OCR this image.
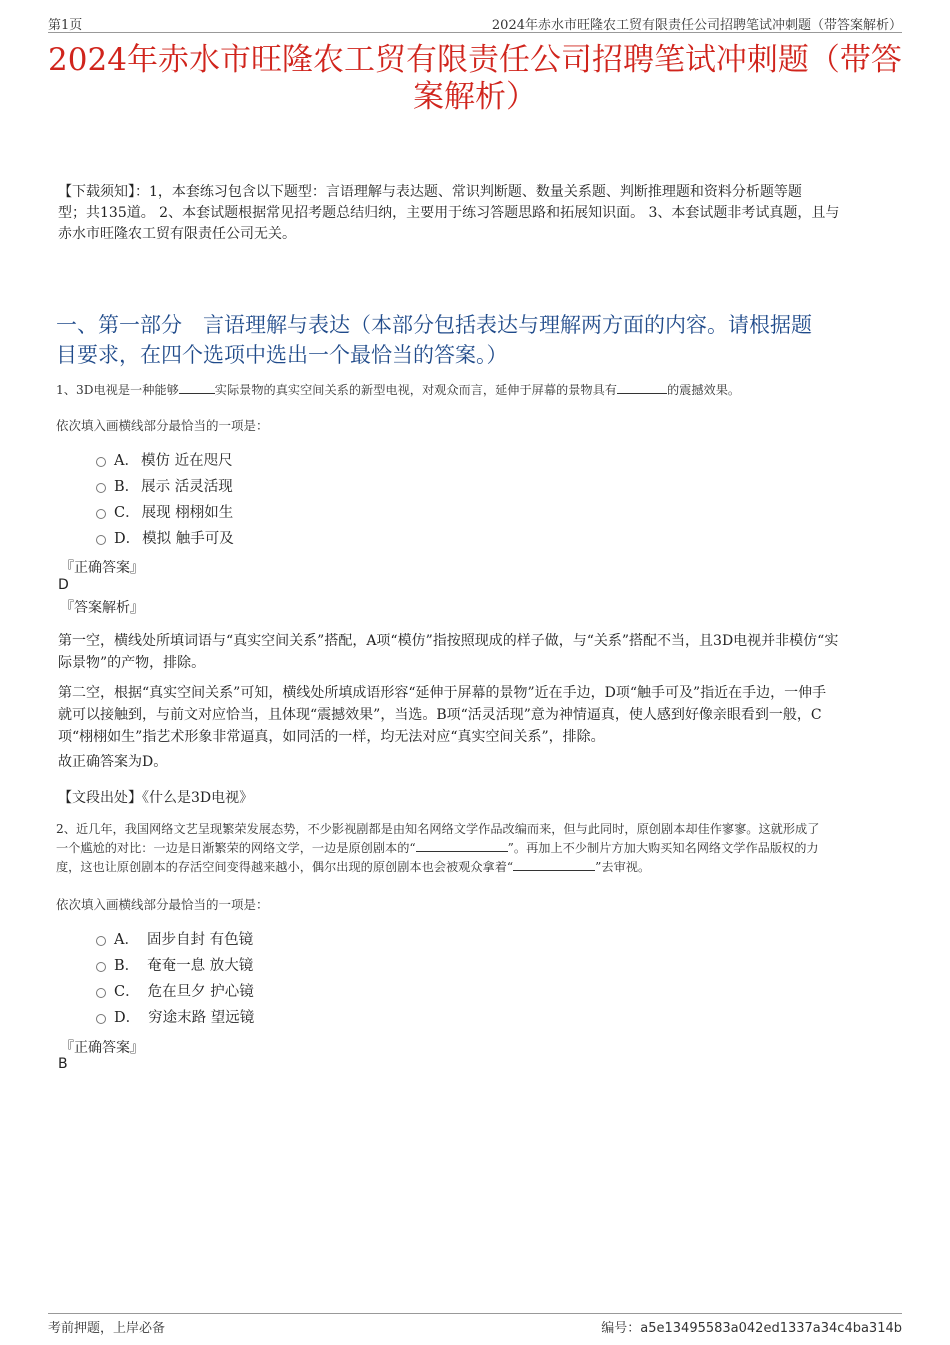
第1页	2024年赤水市旺隆农工贸有限责任公司招聘笔试冲刺题（带答案解析）
2024年赤水市旺隆农工贸有限责任公司招聘笔试冲刺题（带答
案解析）
【下载须知】：1，本套练习包含以下题型：言语理解与表达题、常识判断题、数量关系题、判断推理题和资料分析题等题
型；共135道。 2、本套试题根据常见招考题总结归纳，主要用于练习答题思路和拓展知识面。 3、本套试题非考试真题，且与
赤水市旺隆农工贸有限责任公司无关。
一、第一部分　言语理解与表达（本部分包括表达与理解两方面的内容。请根据题
目要求，在四个选项中选出一个最恰当的答案。）
1、3D电视是一种能够	实际景物的真实空间关系的新型电视，对观众而言，延伸于屏幕的景物具有	的震撼效果。
依次填入画横线部分最恰当的一项是：
A． 模仿 近在咫尺
B． 展示 活灵活现
C． 展现 栩栩如生
D． 模拟 触手可及
『正确答案』
D
『答案解析』
第一空，横线处所填词语与“真实空间关系”搭配，A项“模仿”指按照现成的样子做，与“关系”搭配不当，且3D电视并非模仿“实
际景物”的产物，排除。
第二空，根据“真实空间关系”可知，横线处所填成语形容“延伸于屏幕的景物”近在手边，D项“触手可及”指近在手边，一伸手
就可以接触到，与前文对应恰当，且体现“震撼效果”，当选。B项“活灵活现”意为神情逼真，使人感到好像亲眼看到一般，C
项“栩栩如生”指艺术形象非常逼真，如同活的一样，均无法对应“真实空间关系”，排除。
故正确答案为D。
【文段出处】《什么是3D电视》
2、近几年，我国网络文艺呈现繁荣发展态势，不少影视剧都是由知名网络文学作品改编而来，但与此同时，原创剧本却佳作寥寥。这就形成了
一个尴尬的对比：一边是日渐繁荣的网络文学，一边是原创剧本的“	”。再加上不少制片方加大购买知名网络文学作品版权的力
度，这也让原创剧本的存活空间变得越来越小，偶尔出现的原创剧本也会被观众拿着“	”去审视。
依次填入画横线部分最恰当的一项是：
A． 固步自封 有色镜
B． 奄奄一息 放大镜
C． 危在旦夕 护心镜
D． 穷途末路 望远镜
『正确答案』
B
考前押题，上岸必备	编号：a5e13495583a042ed1337a34c4ba314b
